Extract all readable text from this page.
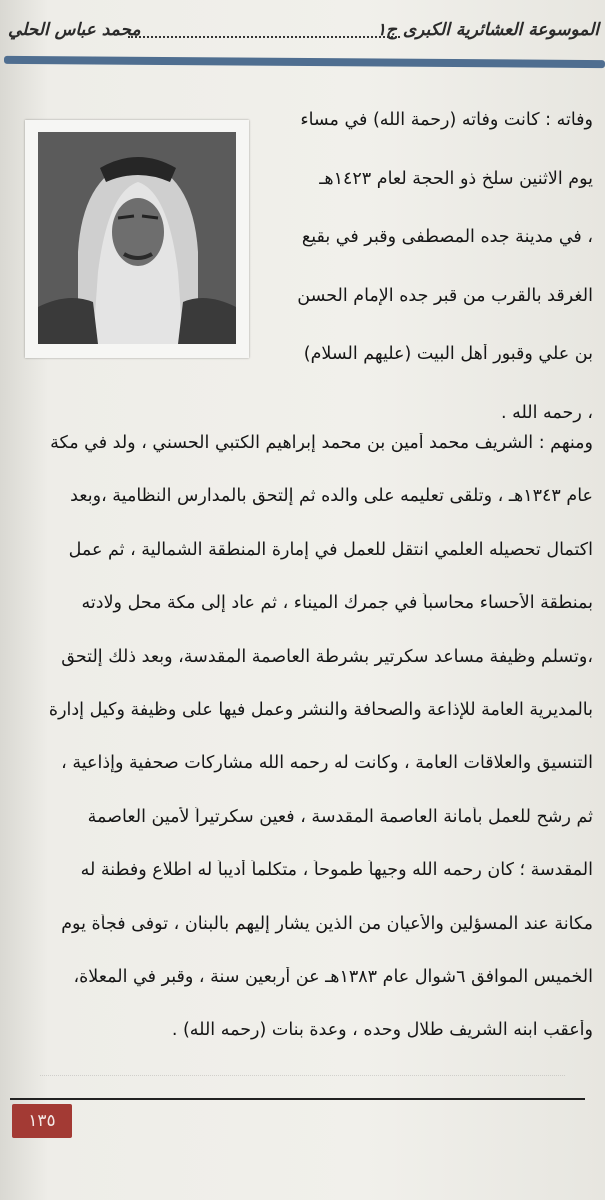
الموسوعة العشائرية الكبرى ج١
محمد عباس الحلي
وفاته : كانت وفاته (رحمة الله) في مساء
يوم الاثنين سلخ ذو الحجة لعام ١٤٢٣هـ
، في مدينة جده المصطفى وقبر في بقيع
الغرقد بالقرب من قبر جده الإمام الحسن
بن علي وقبور أهل البيت (عليهم السلام)
، رحمه الله .
ومنهم : الشريف محمد أمين بن محمد إبراهيم الكتبي الحسني ، ولد في مكة
عام ١٣٤٣هـ ، وتلقى تعليمه على والده ثم إلتحق بالمدارس النظامية ،وبعد
اكتمال تحصيله العلمي انتقل للعمل في إمارة المنطقة الشمالية ، ثم عمل
بمنطقة الأحساء محاسباً في جمرك الميناء ، ثم عاد إلى مكة محل ولادته
،وتسلم وظيفة مساعد سكرتير بشرطة العاصمة المقدسة، وبعد ذلك إلتحق
بالمديرية العامة للإذاعة والصحافة والنشر وعمل فيها على وظيفة وكيل إدارة
التنسيق والعلاقات العامة ، وكانت له رحمه الله مشاركات صحفية وإذاعية ،
ثم رشح للعمل بأمانة العاصمة المقدسة ، فعين سكرتيراً لأمين العاصمة
المقدسة ؛ كان رحمه الله وجيهاً طموحاً ، متكلماً أديباً له اطلاع وفطنة له
مكانة عند المسؤلين والأعيان من الذين يشار إليهم بالبنان ، توفى فجأة يوم
الخميس الموافق ٦شوال عام ١٣٨٣هـ عن أربعين سنة ، وقبر في المعلاة،
وأعقب ابنه الشريف طلال وحده ، وعدة بنات (رحمه الله) .
١٣٥
